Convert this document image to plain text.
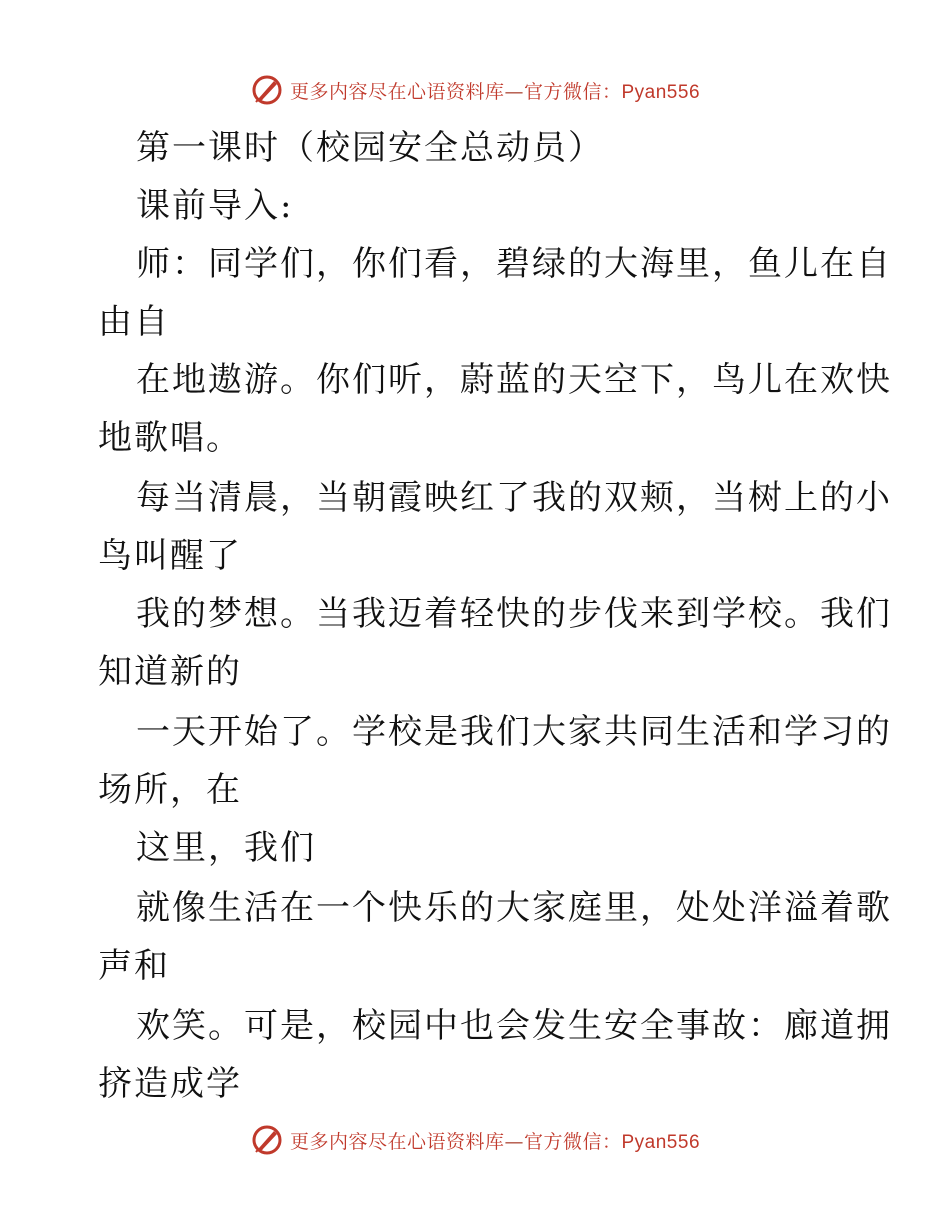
更多内容尽在心语资料库—官方微信：Pyan556
第一课时（校园安全总动员）
课前导入:
师：同学们，你们看，碧绿的大海里，鱼儿在自
由自
在地遨游。你们听，蔚蓝的天空下，鸟儿在欢快
地歌唱。
每当清晨，当朝霞映红了我的双颊，当树上的小
鸟叫醒了
我的梦想。当我迈着轻快的步伐来到学校。我们
知道新的
一天开始了。学校是我们大家共同生活和学习的
场所，在
这里，我们
就像生活在一个快乐的大家庭里，处处洋溢着歌
声和
欢笑。可是，校园中也会发生安全事故：廊道拥
挤造成学
更多内容尽在心语资料库—官方微信：Pyan556
